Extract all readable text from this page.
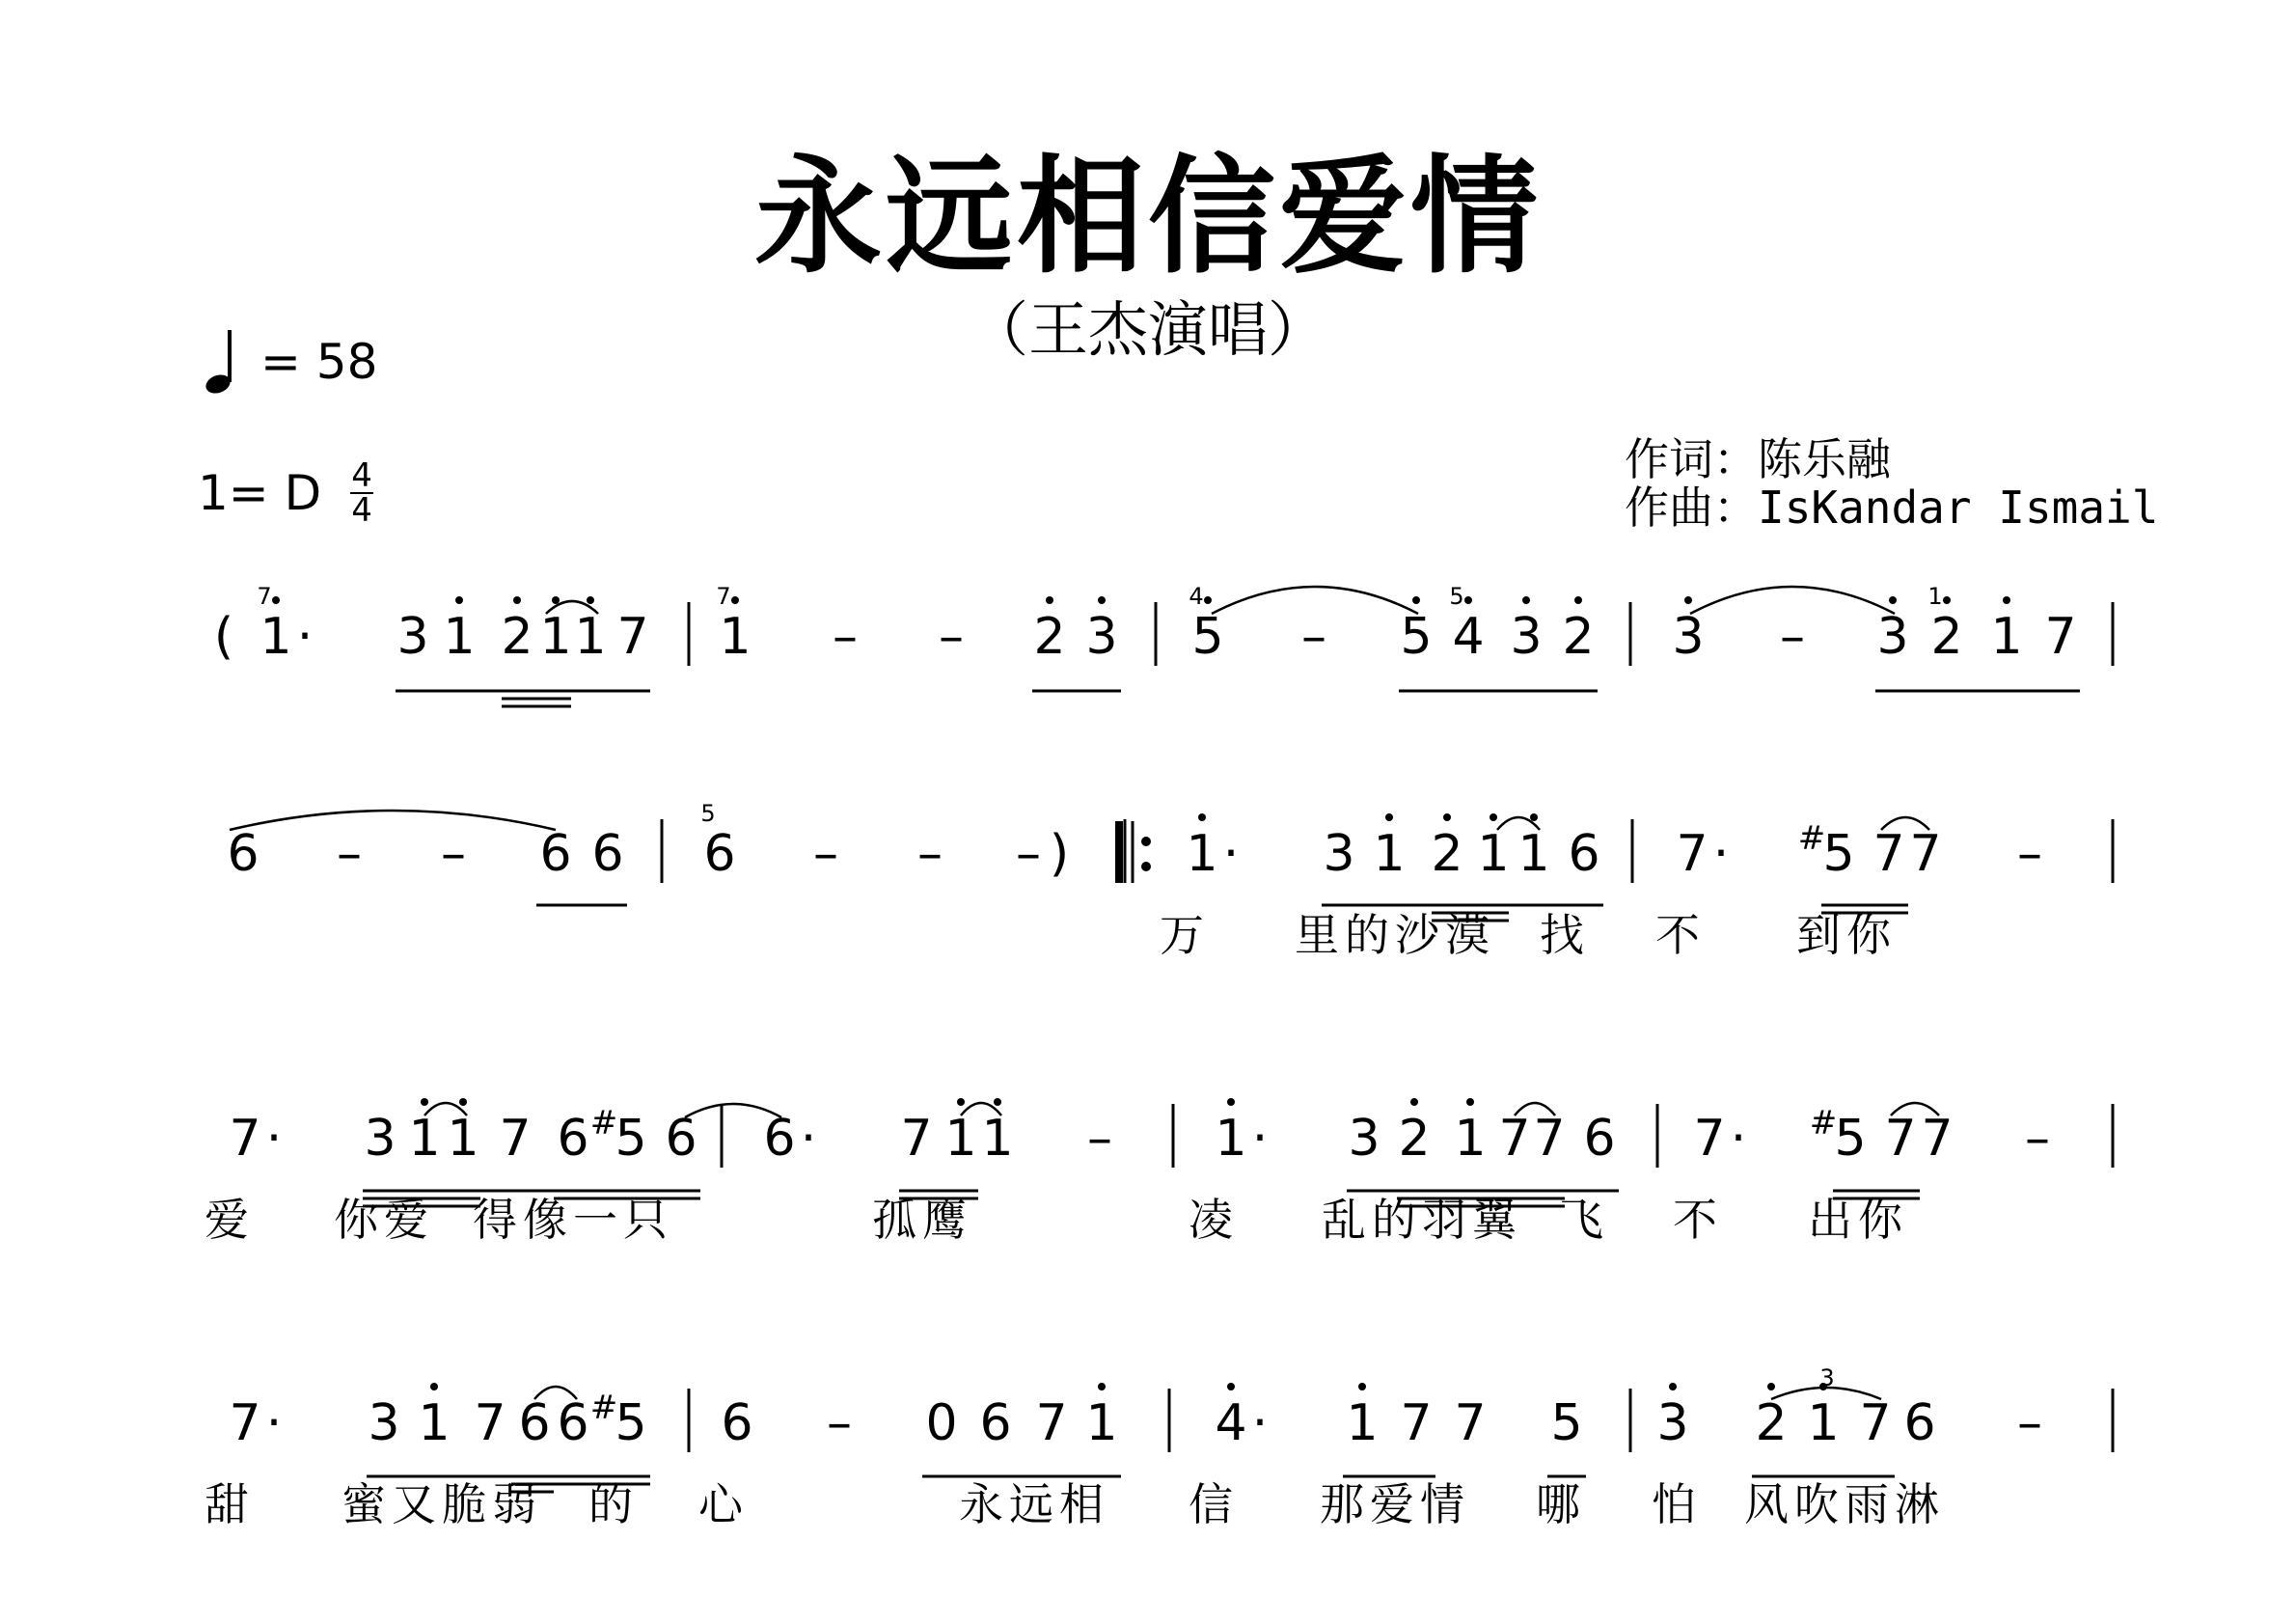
永远相信爱情
（王杰演唱）
= 58
1= D 4
4
作词：陈乐融
作曲：IsKandar Ismail
( 1
7
· 3 1 2 1 1 7 1
7
– – 2 3 5
4
– 5 4
5
3 2 3 – 3 2
1
1 7
6 – – 6 6 6
5
– – – ) 1 · 3 1 2 1 1 6 7 ·	#
5 7 7 –
万 里的沙漠 找 不 到你
7 · 3 1 1 7 6 #
5 6 6 · 7 1 1 – 1 · 3 2 1 7 7 6 7 ·	#
5 7 7 –
爱 你爱 得像一只	孤鹰	凌 乱的羽翼 飞 不 出你
7 · 3 1 7 6 6 #
5 6 – 0 6 7 1 4 · 1 7 7 5 3 2 1 7 6 –
甜 蜜又脆弱 的 心	永远相 信 那爱情 哪 怕 风吹雨淋
3
